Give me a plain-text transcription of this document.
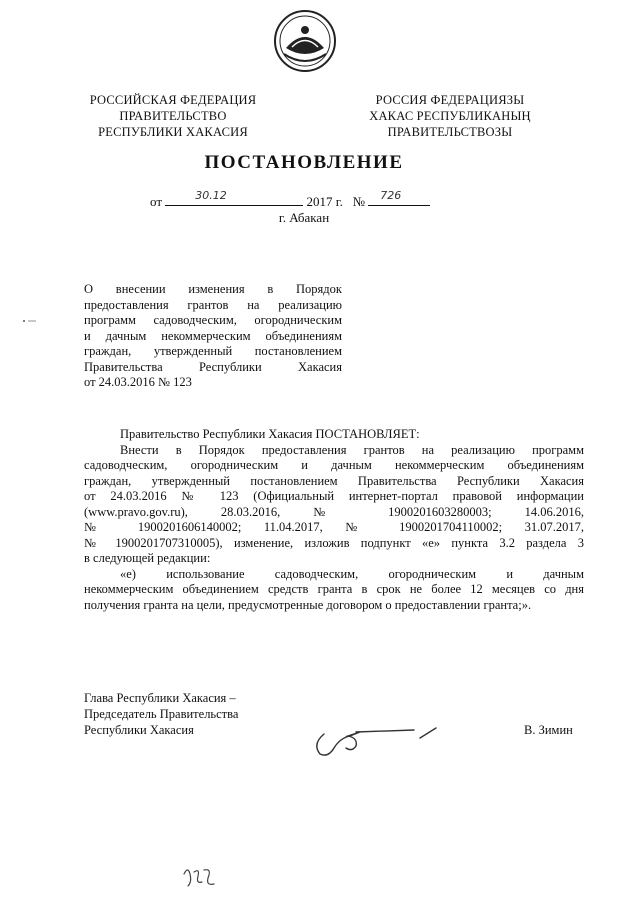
РОССИЙСКАЯ ФЕДЕРАЦИЯ
ПРАВИТЕЛЬСТВО
РЕСПУБЛИКИ ХАКАСИЯ
РОССИЯ ФЕДЕРАЦИЯЗЫ
ХАКАС РЕСПУБЛИКАНЫҢ
ПРАВИТЕЛЬСТВОЗЫ
ПОСТАНОВЛЕНИЕ
от	30.12	2017 г. № 726
г. Абакан
О внесении изменения в Порядок
предоставления грантов на реализацию
программ садоводческим, огородническим
и дачным некоммерческим объединениям
граждан, утвержденный постановлением
Правительства Республики Хакасия
от 24.03.2016 № 123
Правительство Республики Хакасия ПОСТАНОВЛЯЕТ:
Внести в Порядок предоставления грантов на реализацию программ
садоводческим, огородническим и дачным некоммерческим объединениям
граждан, утвержденный постановлением Правительства Республики Хакасия
от 24.03.2016 № 123 (Официальный интернет-портал правовой информации
(www.pravo.gov.ru), 28.03.2016, № 1900201603280003; 14.06.2016,
№ 1900201606140002; 11.04.2017, № 1900201704110002; 31.07.2017,
№ 1900201707310005), изменение, изложив подпункт «е» пункта 3.2 раздела 3
в следующей редакции:
«е) использование садоводческим, огородническим и дачным
некоммерческим объединением средств гранта в срок не более 12 месяцев со дня
получения гранта на цели, предусмотренные договором о предоставлении гранта;».
Глава Республики Хакасия –
Председатель Правительства
Республики Хакасия	В. Зимин
